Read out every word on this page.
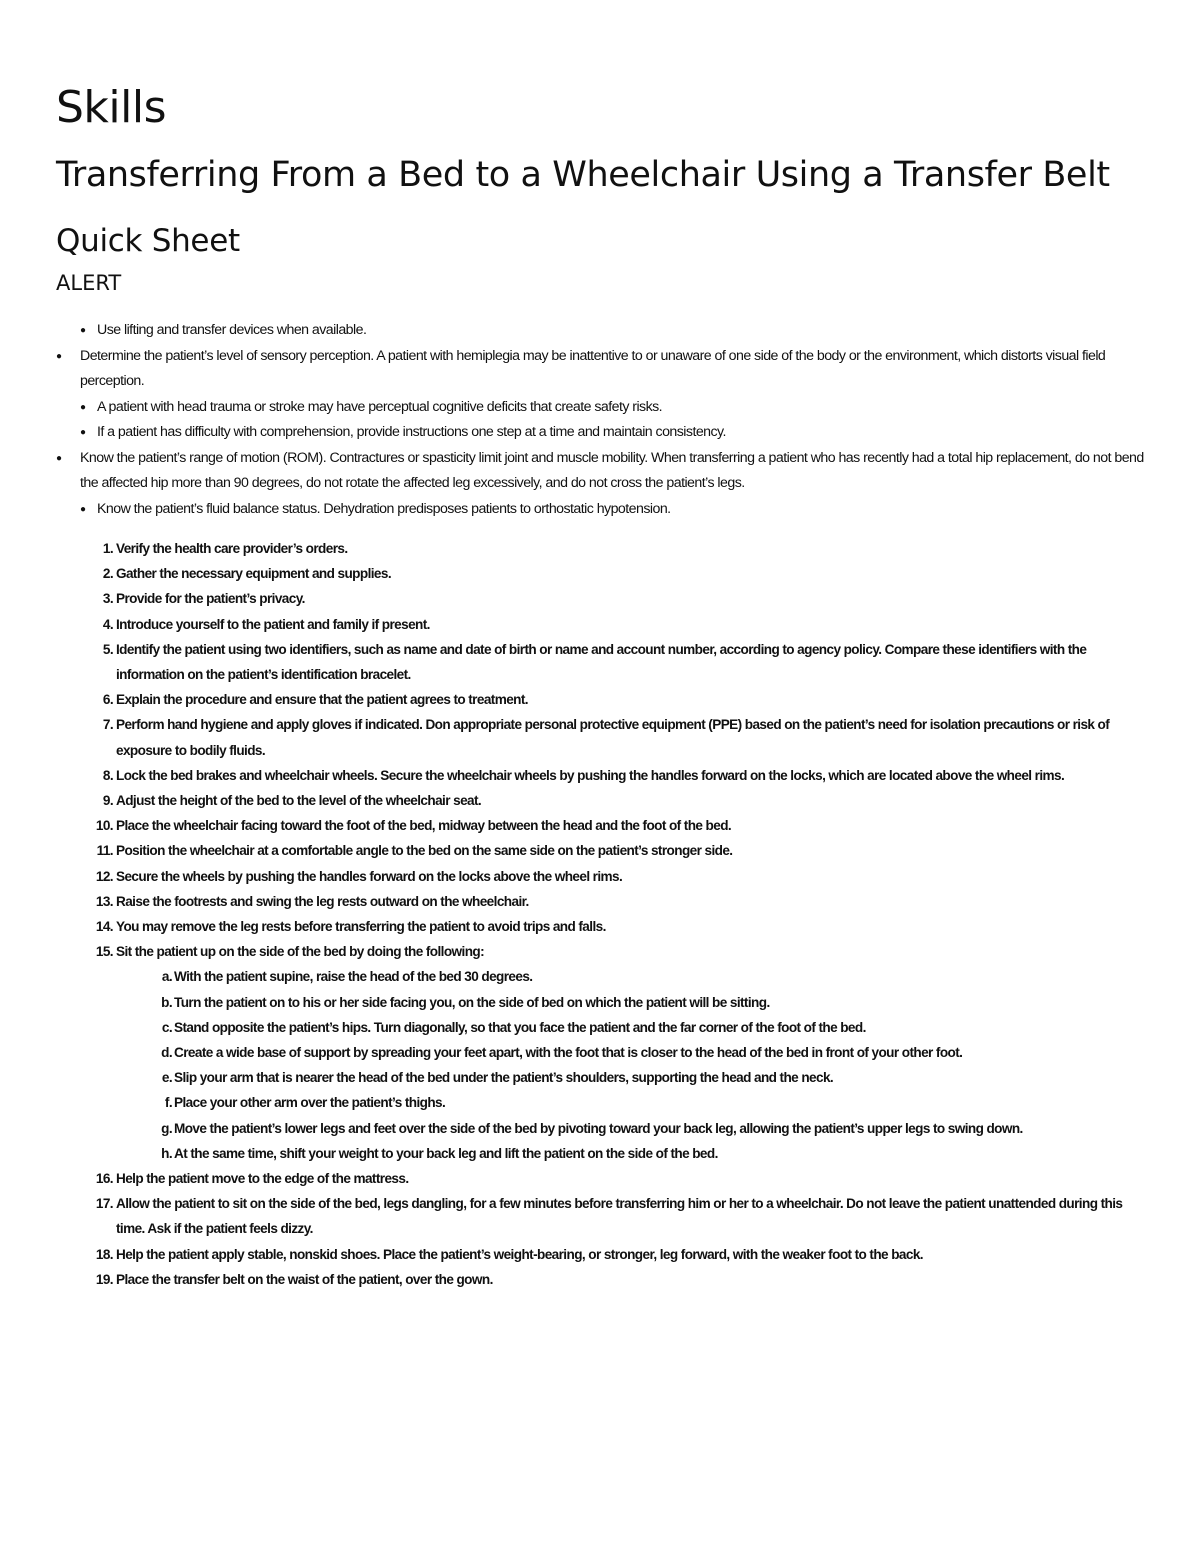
Skills
Transferring From a Bed to a Wheelchair Using a Transfer Belt
Quick Sheet
ALERT
● Use lifting and transfer devices when available.
●	Determine the patient’s level of sensory perception. A patient with hemiplegia may be inattentive to or unaware of one side of the body or the environment, which distorts visual field perception.
● A patient with head trauma or stroke may have perceptual cognitive deficits that create safety risks.
● If a patient has difficulty with comprehension, provide instructions one step at a time and maintain consistency.
●	Know the patient’s range of motion (ROM). Contractures or spasticity limit joint and muscle mobility. When transferring a patient who has recently had a total hip replacement, do not bend the affected hip more than 90 degrees, do not rotate the affected leg excessively, and do not cross the patient’s legs.
● Know the patient’s fluid balance status. Dehydration predisposes patients to orthostatic hypotension.
1. Verify the health care provider’s orders.
2. Gather the necessary equipment and supplies.
3. Provide for the patient’s privacy.
4. Introduce yourself to the patient and family if present.
5. Identify the patient using two identifiers, such as name and date of birth or name and account number, according to agency policy. Compare these identifiers with the information on the patient’s identification bracelet.
6. Explain the procedure and ensure that the patient agrees to treatment.
7. Perform hand hygiene and apply gloves if indicated. Don appropriate personal protective equipment (PPE) based on the patient’s need for isolation precautions or risk of exposure to bodily fluids.
8. Lock the bed brakes and wheelchair wheels. Secure the wheelchair wheels by pushing the handles forward on the locks, which are located above the wheel rims.
9. Adjust the height of the bed to the level of the wheelchair seat.
10. Place the wheelchair facing toward the foot of the bed, midway between the head and the foot of the bed.
11. Position the wheelchair at a comfortable angle to the bed on the same side on the patient’s stronger side.
12. Secure the wheels by pushing the handles forward on the locks above the wheel rims.
13. Raise the footrests and swing the leg rests outward on the wheelchair.
14. You may remove the leg rests before transferring the patient to avoid trips and falls.
15. Sit the patient up on the side of the bed by doing the following:
a. With the patient supine, raise the head of the bed 30 degrees.
b. Turn the patient on to his or her side facing you, on the side of bed on which the patient will be sitting.
c. Stand opposite the patient’s hips. Turn diagonally, so that you face the patient and the far corner of the foot of the bed.
d. Create a wide base of support by spreading your feet apart, with the foot that is closer to the head of the bed in front of your other foot.
e. Slip your arm that is nearer the head of the bed under the patient’s shoulders, supporting the head and the neck.
f. Place your other arm over the patient’s thighs.
g. Move the patient’s lower legs and feet over the side of the bed by pivoting toward your back leg, allowing the patient’s upper legs to swing down.
h. At the same time, shift your weight to your back leg and lift the patient on the side of the bed.
16. Help the patient move to the edge of the mattress.
17. Allow the patient to sit on the side of the bed, legs dangling, for a few minutes before transferring him or her to a wheelchair. Do not leave the patient unattended during this time. Ask if the patient feels dizzy.
18. Help the patient apply stable, nonskid shoes. Place the patient’s weight-bearing, or stronger, leg forward, with the weaker foot to the back.
19. Place the transfer belt on the waist of the patient, over the gown.
